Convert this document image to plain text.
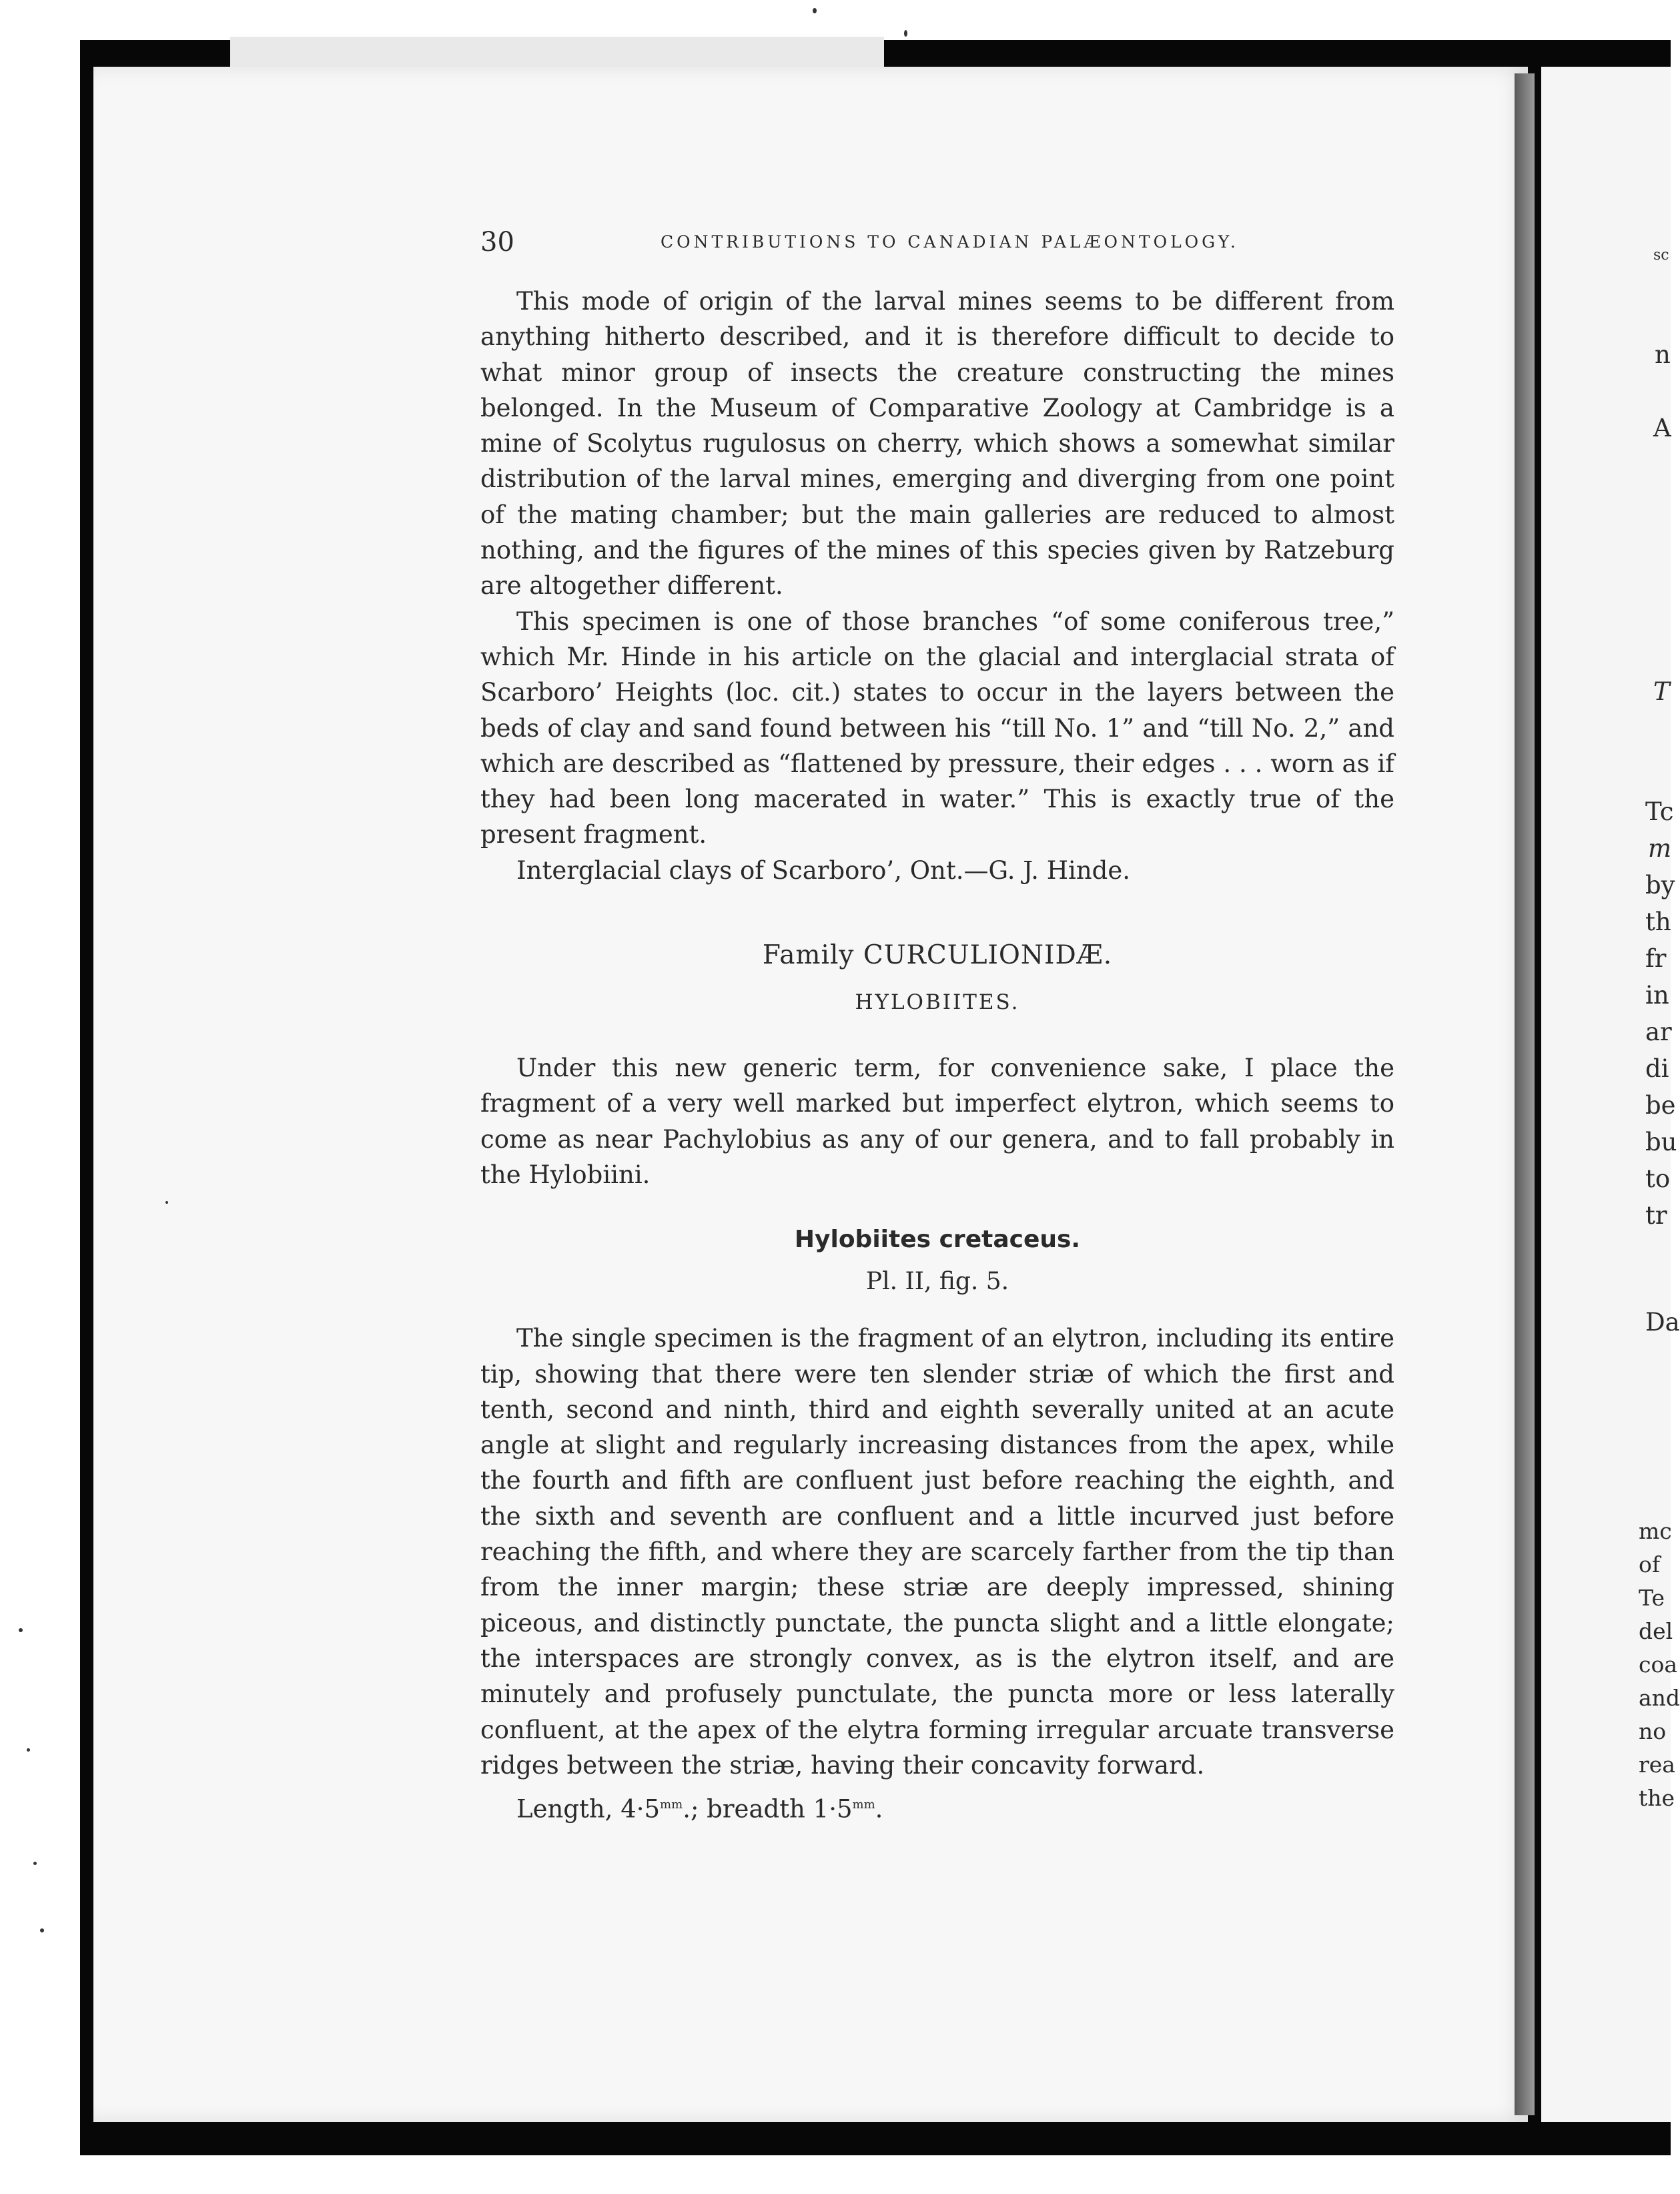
30	CONTRIBUTIONS TO CANADIAN PALÆONTOLOGY.

This mode of origin of the larval mines seems to be different from anything hitherto described, and it is therefore difficult to decide to what minor group of insects the creature constructing the mines belonged. In the Museum of Comparative Zoology at Cambridge is a mine of Scolytus rugulosus on cherry, which shows a somewhat similar distribution of the larval mines, emerging and diverging from one point of the mating chamber; but the main galleries are reduced to almost nothing, and the figures of the mines of this species given by Ratzeburg are altogether different.

This specimen is one of those branches “of some coniferous tree,” which Mr. Hinde in his article on the glacial and interglacial strata of Scarboro’ Heights (loc. cit.) states to occur in the layers between the beds of clay and sand found between his “till No. 1” and “till No. 2,” and which are described as “flattened by pressure, their edges . . . worn as if they had been long macerated in water.” This is exactly true of the present fragment.

Interglacial clays of Scarboro’, Ont.—G. J. Hinde.

Family CURCULIONIDÆ.

HYLOBIITES.

Under this new generic term, for convenience sake, I place the fragment of a very well marked but imperfect elytron, which seems to come as near Pachylobius as any of our genera, and to fall probably in the Hylobiini.

Hylobiites cretaceus.

Pl. II, fig. 5.

The single specimen is the fragment of an elytron, including its entire tip, showing that there were ten slender striæ of which the first and tenth, second and ninth, third and eighth severally united at an acute angle at slight and regularly increasing distances from the apex, while the fourth and fifth are confluent just before reaching the eighth, and the sixth and seventh are confluent and a little incurved just before reaching the fifth, and where they are scarcely farther from the tip than from the inner margin; these striæ are deeply impressed, shining piceous, and distinctly punctate, the puncta slight and a little elongate; the interspaces are strongly convex, as is the elytron itself, and are minutely and profusely punctulate, the puncta more or less laterally confluent, at the apex of the elytra forming irregular arcuate transverse ridges between the striæ, having their concavity forward.

Length, $4\cdot 5^{mm}$.; breadth $1\cdot 5^{mm}$.

sc
n
A
T
Tc
m
by
th
fr
in
ar
di
be
bu
to
tr
Da
mc
of
Te
del
coa
and
no
rea
the
